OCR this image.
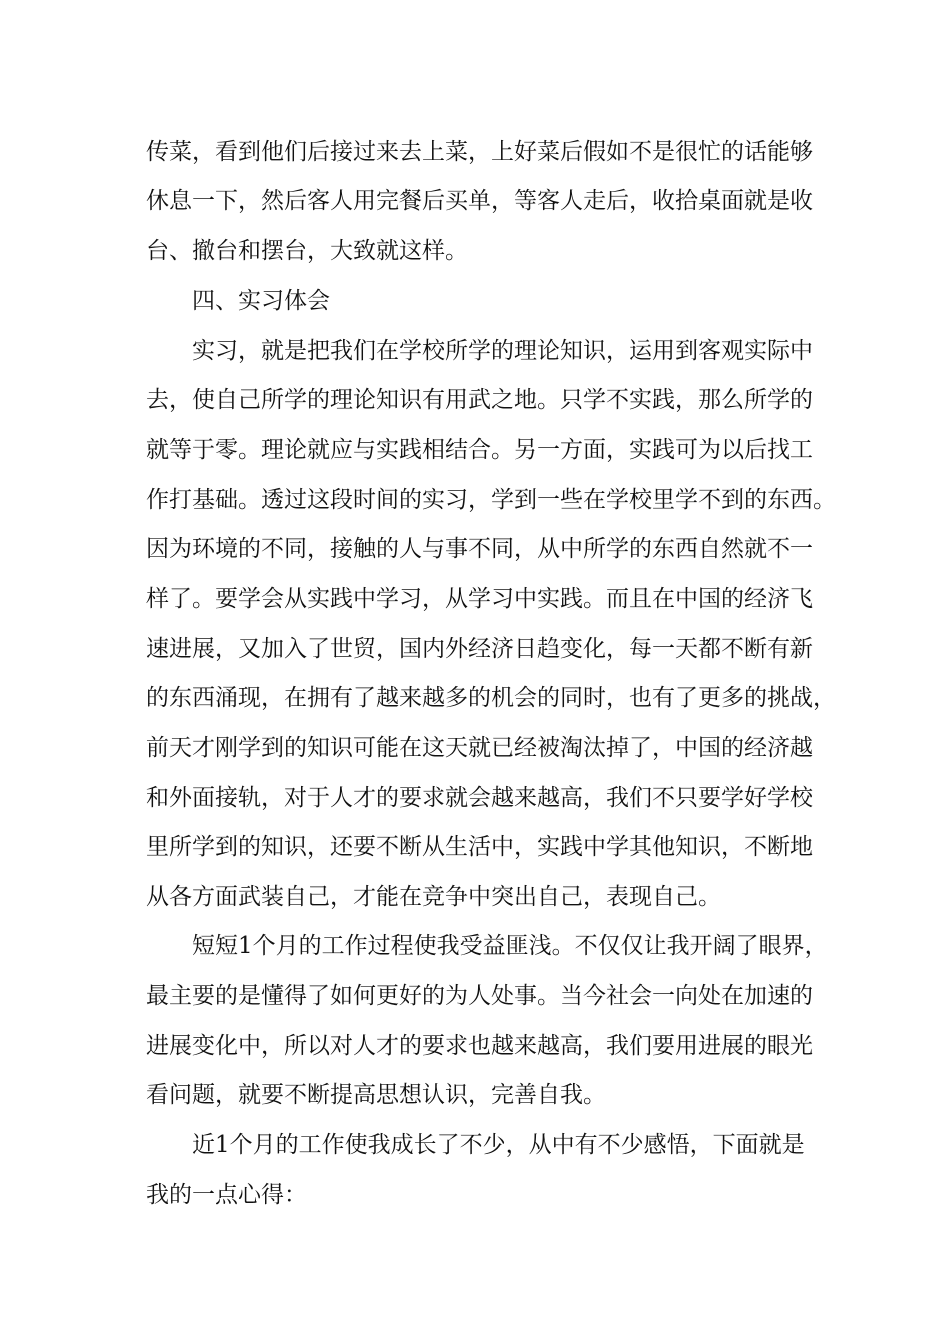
传菜，看到他们后接过来去上菜，上好菜后假如不是很忙的话能够

休息一下，然后客人用完餐后买单，等客人走后，收拾桌面就是收

台、撤台和摆台，大致就这样。

四、实习体会

实习，就是把我们在学校所学的理论知识，运用到客观实际中

去，使自己所学的理论知识有用武之地。只学不实践，那么所学的

就等于零。理论就应与实践相结合。另一方面，实践可为以后找工

作打基础。透过这段时间的实习，学到一些在学校里学不到的东西。

因为环境的不同，接触的人与事不同，从中所学的东西自然就不一

样了。要学会从实践中学习，从学习中实践。而且在中国的经济飞

速进展，又加入了世贸，国内外经济日趋变化，每一天都不断有新

的东西涌现，在拥有了越来越多的机会的同时，也有了更多的挑战，

前天才刚学到的知识可能在这天就已经被淘汰掉了，中国的经济越

和外面接轨，对于人才的要求就会越来越高，我们不只要学好学校

里所学到的知识，还要不断从生活中，实践中学其他知识，不断地

从各方面武装自己，才能在竞争中突出自己，表现自己。

短短1个月的工作过程使我受益匪浅。不仅仅让我开阔了眼界，

最主要的是懂得了如何更好的为人处事。当今社会一向处在加速的

进展变化中，所以对人才的要求也越来越高，我们要用进展的眼光

看问题，就要不断提高思想认识，完善自我。

近1个月的工作使我成长了不少，从中有不少感悟，下面就是

我的一点心得：
